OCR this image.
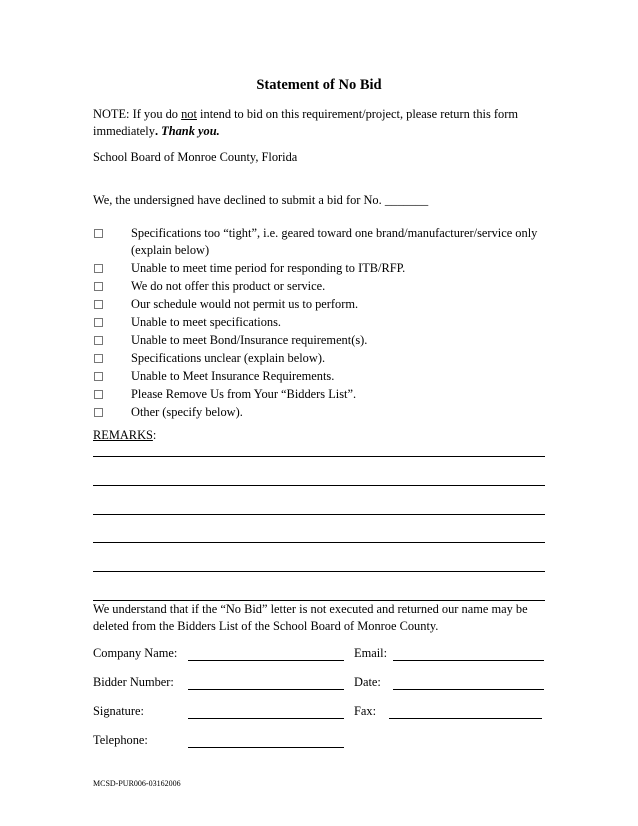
Statement of No Bid
NOTE: If you do not intend to bid on this requirement/project, please return this form immediately. Thank you.
School Board of Monroe County, Florida
We, the undersigned have declined to submit a bid for No. _______
Specifications too “tight”, i.e. geared toward one brand/manufacturer/service only (explain below)
Unable to meet time period for responding to ITB/RFP.
We do not offer this product or service.
Our schedule would not permit us to perform.
Unable to meet specifications.
Unable to meet Bond/Insurance requirement(s).
Specifications unclear (explain below).
Unable to Meet Insurance Requirements.
Please Remove Us from Your “Bidders List”.
Other (specify below).
REMARKS:
We understand that if the “No Bid” letter is not executed and returned our name may be deleted from the Bidders List of the School Board of Monroe County.
Company Name:	Email:
Bidder Number:	Date:
Signature:	Fax:
Telephone:
MCSD-PUR006-03162006
